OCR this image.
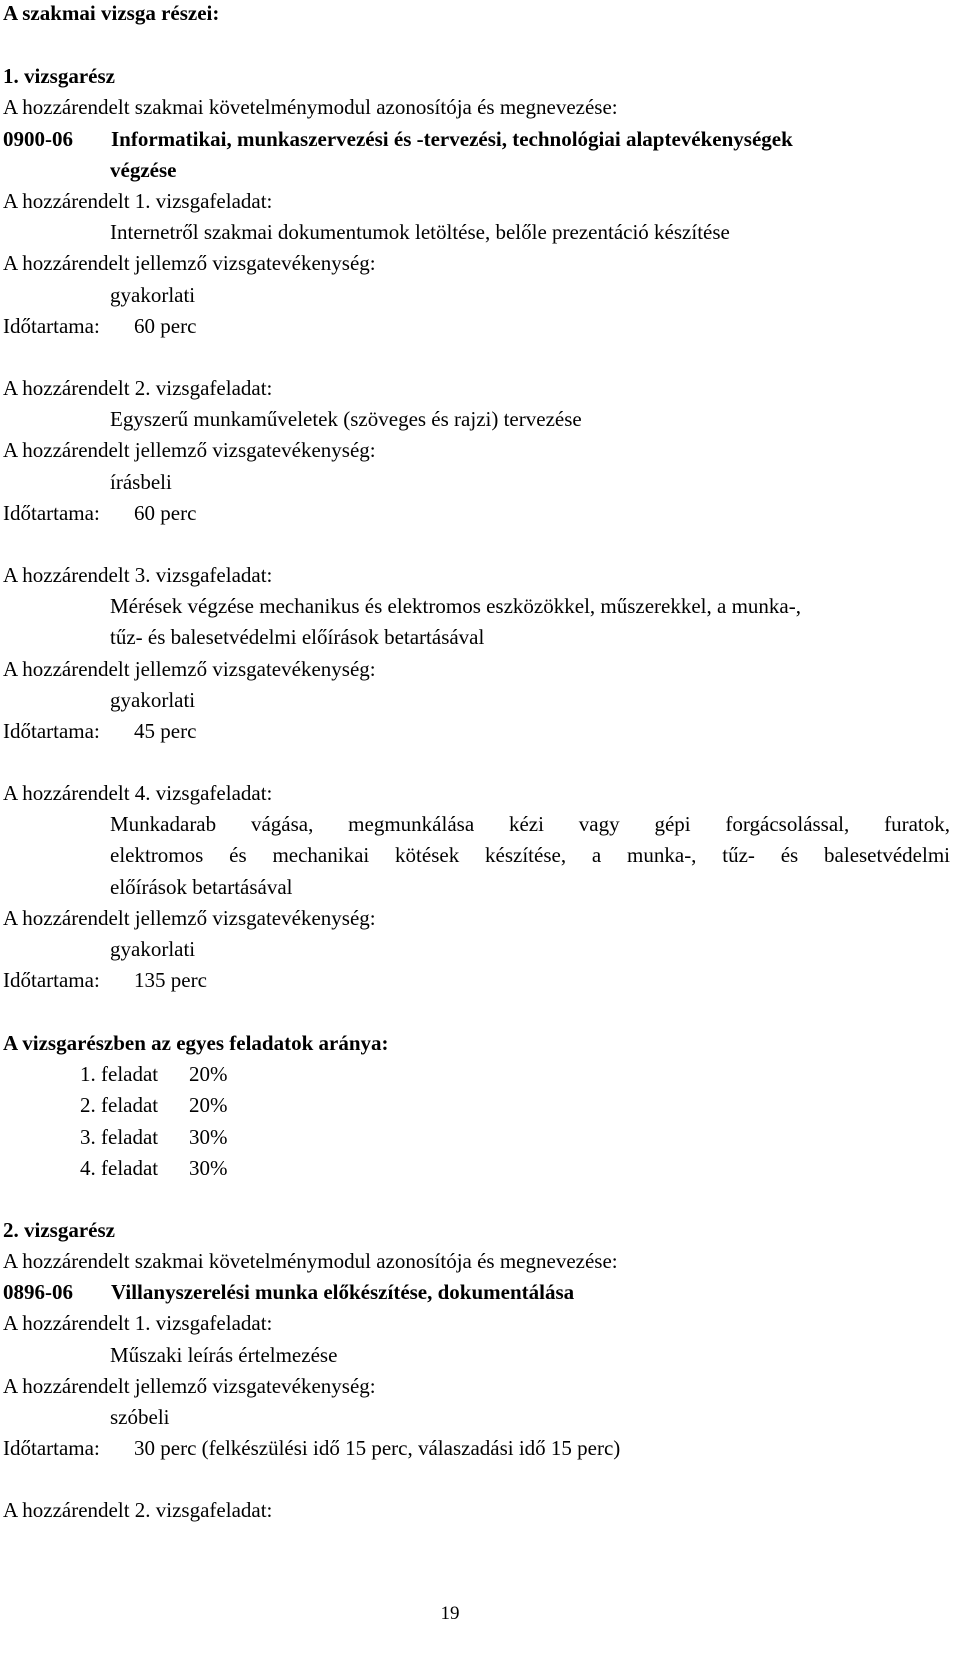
A szakmai vizsga részei:
1. vizsgarész
A hozzárendelt szakmai követelménymodul azonosítója és megnevezése:
0900-06 Informatikai, munkaszervezési és -tervezési, technológiai alaptevékenységek
végzése
A hozzárendelt 1. vizsgafeladat:
Internetről szakmai dokumentumok letöltése, belőle prezentáció készítése
A hozzárendelt jellemző vizsgatevékenység:
gyakorlati
Időtartama: 60 perc
A hozzárendelt 2. vizsgafeladat:
Egyszerű munkaműveletek (szöveges és rajzi) tervezése
A hozzárendelt jellemző vizsgatevékenység:
írásbeli
Időtartama: 60 perc
A hozzárendelt 3. vizsgafeladat:
Mérések végzése mechanikus és elektromos eszközökkel, műszerekkel, a munka-,
tűz- és balesetvédelmi előírások betartásával
A hozzárendelt jellemző vizsgatevékenység:
gyakorlati
Időtartama: 45 perc
A hozzárendelt 4. vizsgafeladat:
Munkadarab vágása, megmunkálása kézi vagy gépi forgácsolással, furatok,
elektromos és mechanikai kötések készítése, a munka-, tűz- és balesetvédelmi
előírások betartásával
A hozzárendelt jellemző vizsgatevékenység:
gyakorlati
Időtartama: 135 perc
A vizsgarészben az egyes feladatok aránya:
1. feladat 20%
2. feladat 20%
3. feladat 30%
4. feladat 30%
2. vizsgarész
A hozzárendelt szakmai követelménymodul azonosítója és megnevezése:
0896-06 Villanyszerelési munka előkészítése, dokumentálása
A hozzárendelt 1. vizsgafeladat:
Műszaki leírás értelmezése
A hozzárendelt jellemző vizsgatevékenység:
szóbeli
Időtartama: 30 perc (felkészülési idő 15 perc, válaszadási idő 15 perc)
A hozzárendelt 2. vizsgafeladat:
19
